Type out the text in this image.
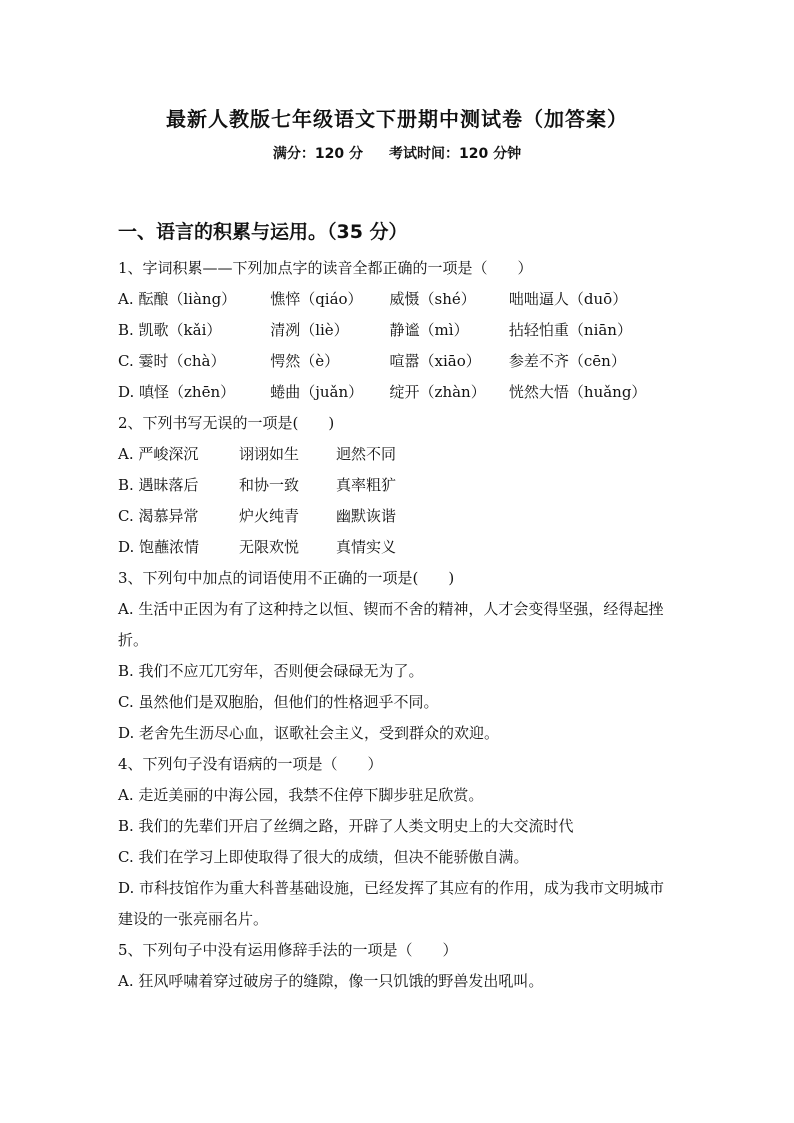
最新人教版七年级语文下册期中测试卷（加答案）
满分：120 分 考试时间：120 分钟
一、语言的积累与运用。（35 分）
1、字词积累——下列加点字的读音全都正确的一项是（　　）
A. 酝酿（liàng）	憔悴（qiáo）	威慑（shé）	咄咄逼人（duō）
B. 凯歌（kǎi）	清冽（liè）	静谧（mì）	拈轻怕重（niān）
C. 霎时（chà）	愕然（è）	喧嚣（xiāo）	参差不齐（cēn）
D. 嗔怪（zhēn）	蜷曲（juǎn）	绽开（zhàn）	恍然大悟（huǎng）
2、下列书写无误的一项是(　　)
A. 严峻深沉	诩诩如生 迥然不同
B. 遇昧落后	和协一致 真率粗犷
C. 渴慕异常	炉火纯青 幽默诙谐
D. 饱蘸浓情	无限欢悦 真情实义
3、下列句中加点的词语使用不正确的一项是(　　)
A. 生活中正因为有了这种持之以恒、锲而不舍的精神，人才会变得坚强，经得起挫折。
B. 我们不应兀兀穷年，否则便会碌碌无为了。
C. 虽然他们是双胞胎，但他们的性格迥乎不同。
D. 老舍先生沥尽心血，讴歌社会主义，受到群众的欢迎。
4、下列句子没有语病的一项是（　　）
A. 走近美丽的中海公园，我禁不住停下脚步驻足欣赏。
B. 我们的先辈们开启了丝绸之路，开辟了人类文明史上的大交流时代
C. 我们在学习上即使取得了很大的成绩，但决不能骄傲自满。
D. 市科技馆作为重大科普基础设施，已经发挥了其应有的作用，成为我市文明城市建设的一张亮丽名片。
5、下列句子中没有运用修辞手法的一项是（　　）
A. 狂风呼啸着穿过破房子的缝隙，像一只饥饿的野兽发出吼叫。
